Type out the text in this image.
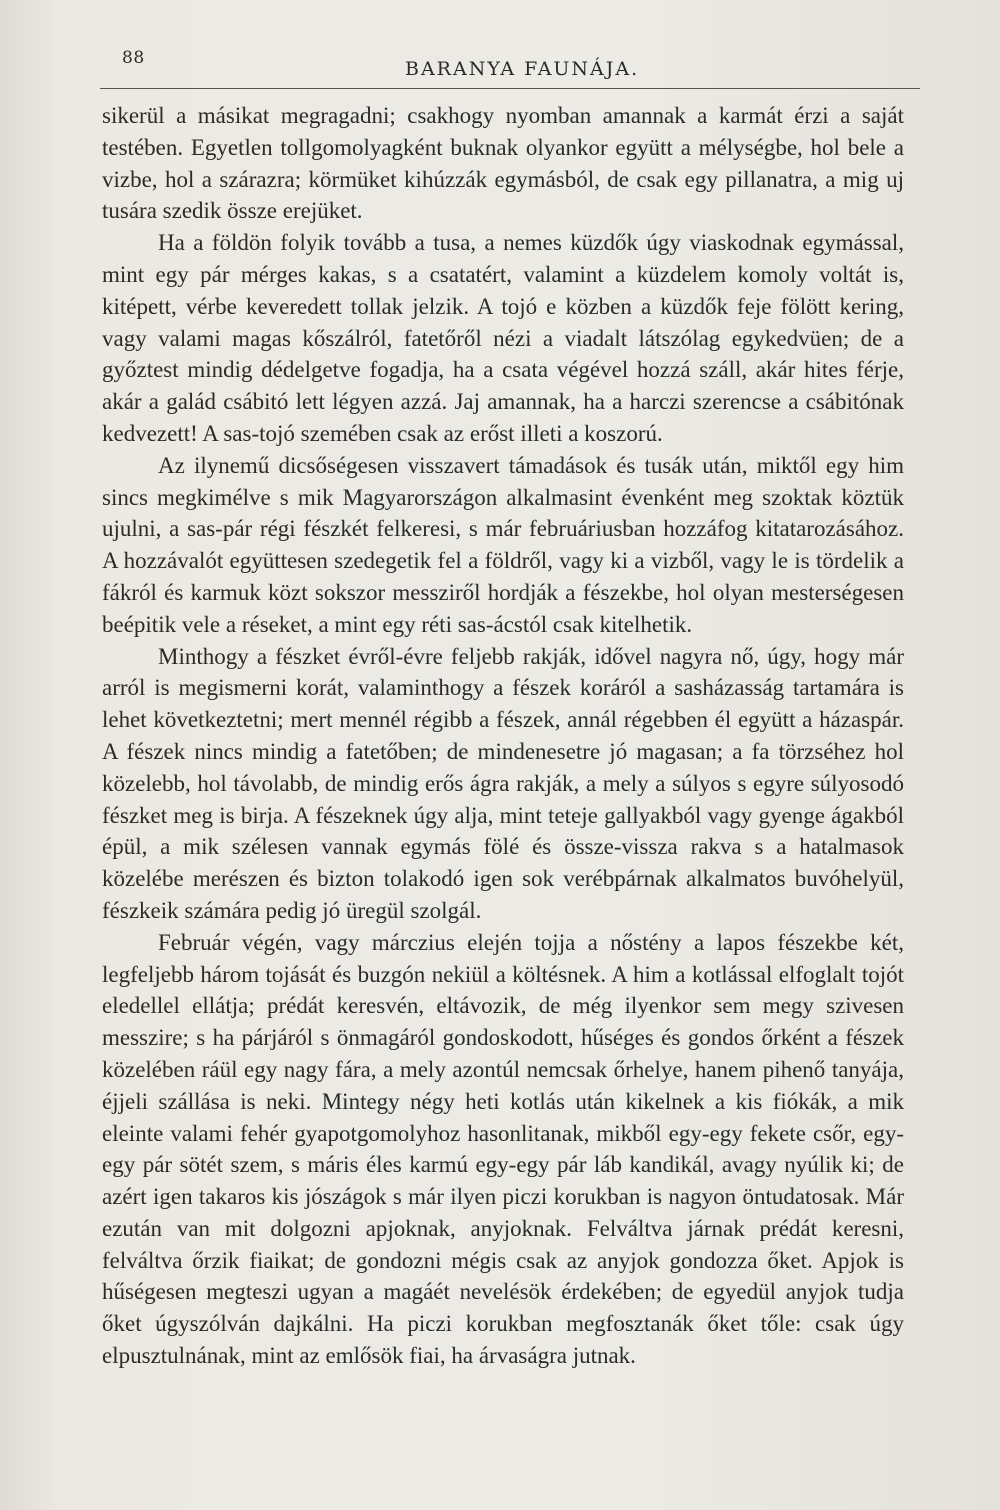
88	BARANYA FAUNÁJA.

sikerül a másikat megragadni; csakhogy nyomban amannak a karmát érzi a saját testében. Egyetlen tollgomolyagként buknak olyankor együtt a mélységbe, hol bele a vizbe, hol a szárazra; körmüket kihúzzák egymásból, de csak egy pillanatra, a mig uj tusára szedik össze erejüket.

Ha a földön folyik tovább a tusa, a nemes küzdők úgy viaskodnak egymással, mint egy pár mérges kakas, s a csatatért, valamint a küzdelem komoly voltát is, kitépett, vérbe keveredett tollak jelzik. A tojó e közben a küzdők feje fölött kering, vagy valami magas kőszálról, fatetőről nézi a viadalt látszólag egykedvüen; de a győztest mindig dédelgetve fogadja, ha a csata végével hozzá száll, akár hites férje, akár a galád csábitó lett légyen azzá. Jaj amannak, ha a harczi szerencse a csábitónak kedvezett! A sas-tojó szemében csak az erőst illeti a koszorú.

Az ilynemű dicsőségesen visszavert támadások és tusák után, miktől egy him sincs megkimélve s mik Magyarországon alkalmasint évenként meg szoktak köztük ujulni, a sas-pár régi fészkét felkeresi, s már februáriusban hozzáfog kitatarozásához. A hozzávalót együttesen szedegetik fel a földről, vagy ki a vizből, vagy le is tördelik a fákról és karmuk közt sokszor messziről hordják a fészekbe, hol olyan mesterségesen beépitik vele a réseket, a mint egy réti sas-ácstól csak kitelhetik.

Minthogy a fészket évről-évre feljebb rakják, idővel nagyra nő, úgy, hogy már arról is megismerni korát, valaminthogy a fészek koráról a sasházasság tartamára is lehet következtetni; mert mennél régibb a fészek, annál régebben él együtt a házaspár. A fészek nincs mindig a fatetőben; de mindenesetre jó magasan; a fa törzséhez hol közelebb, hol távolabb, de mindig erős ágra rakják, a mely a súlyos s egyre súlyosodó fészket meg is birja. A fészeknek úgy alja, mint teteje gallyakból vagy gyenge ágakból épül, a mik szélesen vannak egymás fölé és össze-vissza rakva s a hatalmasok közelébe merészen és bizton tolakodó igen sok verébpárnak alkalmatos buvóhelyül, fészkeik számára pedig jó üregül szolgál.

Február végén, vagy márczius elején tojja a nőstény a lapos fészekbe két, legfeljebb három tojását és buzgón nekiül a költésnek. A him a kotlással elfoglalt tojót eledellel ellátja; prédát keresvén, eltávozik, de még ilyenkor sem megy szivesen messzire; s ha párjáról s önmagáról gondoskodott, hűséges és gondos őrként a fészek közelében ráül egy nagy fára, a mely azontúl nemcsak őrhelye, hanem pihenő tanyája, éjjeli szállása is neki. Mintegy négy heti kotlás után kikelnek a kis fiókák, a mik eleinte valami fehér gyapotgomolyhoz hasonlitanak, mikből egy-egy fekete csőr, egy-egy pár sötét szem, s máris éles karmú egy-egy pár láb kandikál, avagy nyúlik ki; de azért igen takaros kis jószágok s már ilyen piczi korukban is nagyon öntudatosak. Már ezután van mit dolgozni apjoknak, anyjoknak. Felváltva járnak prédát keresni, felváltva őrzik fiaikat; de gondozni mégis csak az anyjok gondozza őket. Apjok is hűségesen megteszi ugyan a magáét nevelésök érdekében; de egyedül anyjok tudja őket úgyszólván dajkálni. Ha piczi korukban megfosztanák őket tőle: csak úgy elpusztulnának, mint az emlősök fiai, ha árvaságra jutnak.
